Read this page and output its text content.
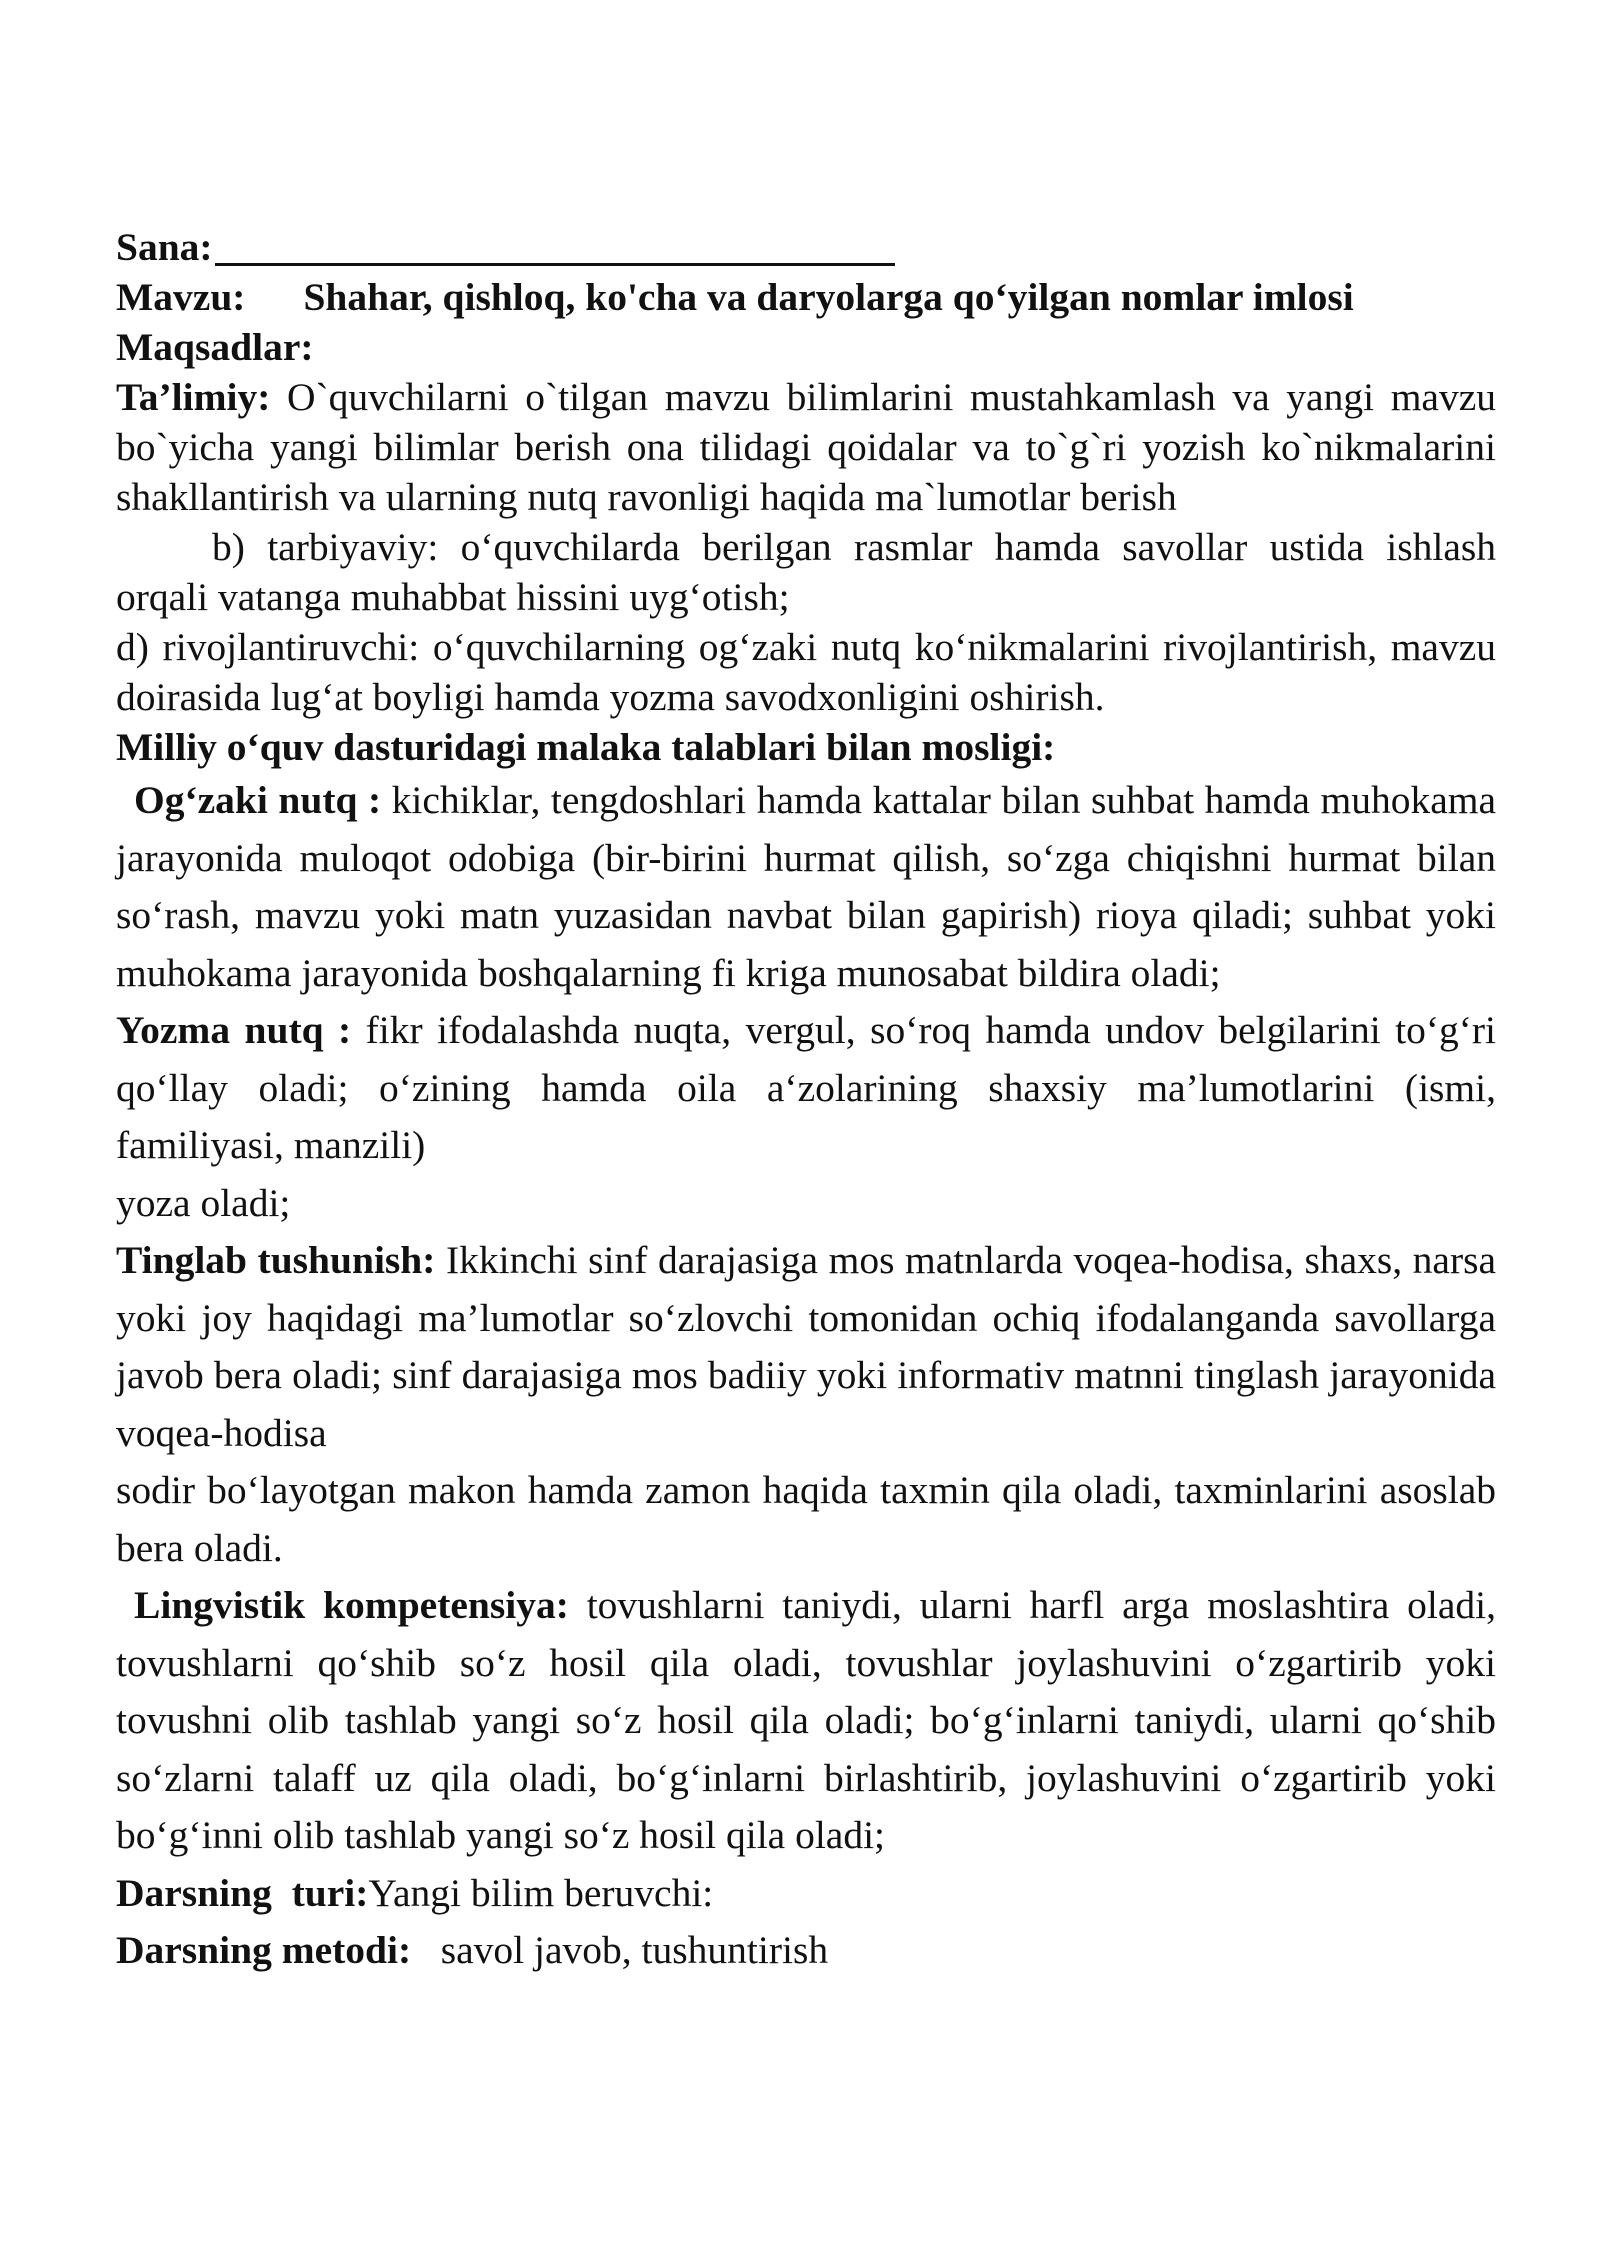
Sana:
Mavzu: Shahar, qishloq, ko'cha va daryolarga qo‘yilgan nomlar imlosi
Maqsadlar:
Ta’limiy: O`quvchilarni o`tilgan mavzu bilimlarini mustahkamlash va yangi mavzu bo`yicha yangi bilimlar berish ona tilidagi qoidalar va to`g`ri yozish ko`nikmalarini shakllantirish va ularning nutq ravonligi haqida ma`lumotlar berish
b) tarbiyaviy: o‘quvchilarda berilgan rasmlar hamda savollar ustida ishlash orqali vatanga muhabbat hissini uyg‘otish;
d) rivojlantiruvchi: o‘quvchilarning og‘zaki nutq ko‘nikmalarini rivojlantirish, mavzu doirasida lug‘at boyligi hamda yozma savodxonligini oshirish.
Milliy o‘quv dasturidagi malaka talablari bilan mosligi:
Og‘zaki nutq : kichiklar, tengdoshlari hamda kattalar bilan suhbat hamda muhokama jarayonida muloqot odobiga (bir-birini hurmat qilish, so‘zga chiqishni hurmat bilan so‘rash, mavzu yoki matn yuzasidan navbat bilan gapirish) rioya qiladi; suhbat yoki muhokama jarayonida boshqalarning fi kriga munosabat bildira oladi;
Yozma nutq : fikr ifodalashda nuqta, vergul, so‘roq hamda undov belgilarini to‘g‘ri qo‘llay oladi; o‘zining hamda oila a‘zolarining shaxsiy ma’lumotlarini (ismi, familiyasi, manzili)
yoza oladi;
Tinglab tushunish: Ikkinchi sinf darajasiga mos matnlarda voqea-hodisa, shaxs, narsa yoki joy haqidagi ma’lumotlar so‘zlovchi tomonidan ochiq ifodalanganda savollarga javob bera oladi; sinf darajasiga mos badiiy yoki informativ matnni tinglash jarayonida voqea-hodisa
sodir bo‘layotgan makon hamda zamon haqida taxmin qila oladi, taxminlarini asoslab bera oladi.
Lingvistik kompetensiya: tovushlarni taniydi, ularni harfl arga moslashtira oladi, tovushlarni qo‘shib so‘z hosil qila oladi, tovushlar joylashuvini o‘zgartirib yoki tovushni olib tashlab yangi so‘z hosil qila oladi; bo‘g‘inlarni taniydi, ularni qo‘shib so‘zlarni talaff uz qila oladi, bo‘g‘inlarni birlashtirib, joylashuvini o‘zgartirib yoki bo‘g‘inni olib tashlab yangi so‘z hosil qila oladi;
Darsning  turi:Yangi bilim beruvchi:
Darsning metodi:   savol javob, tushuntirish
